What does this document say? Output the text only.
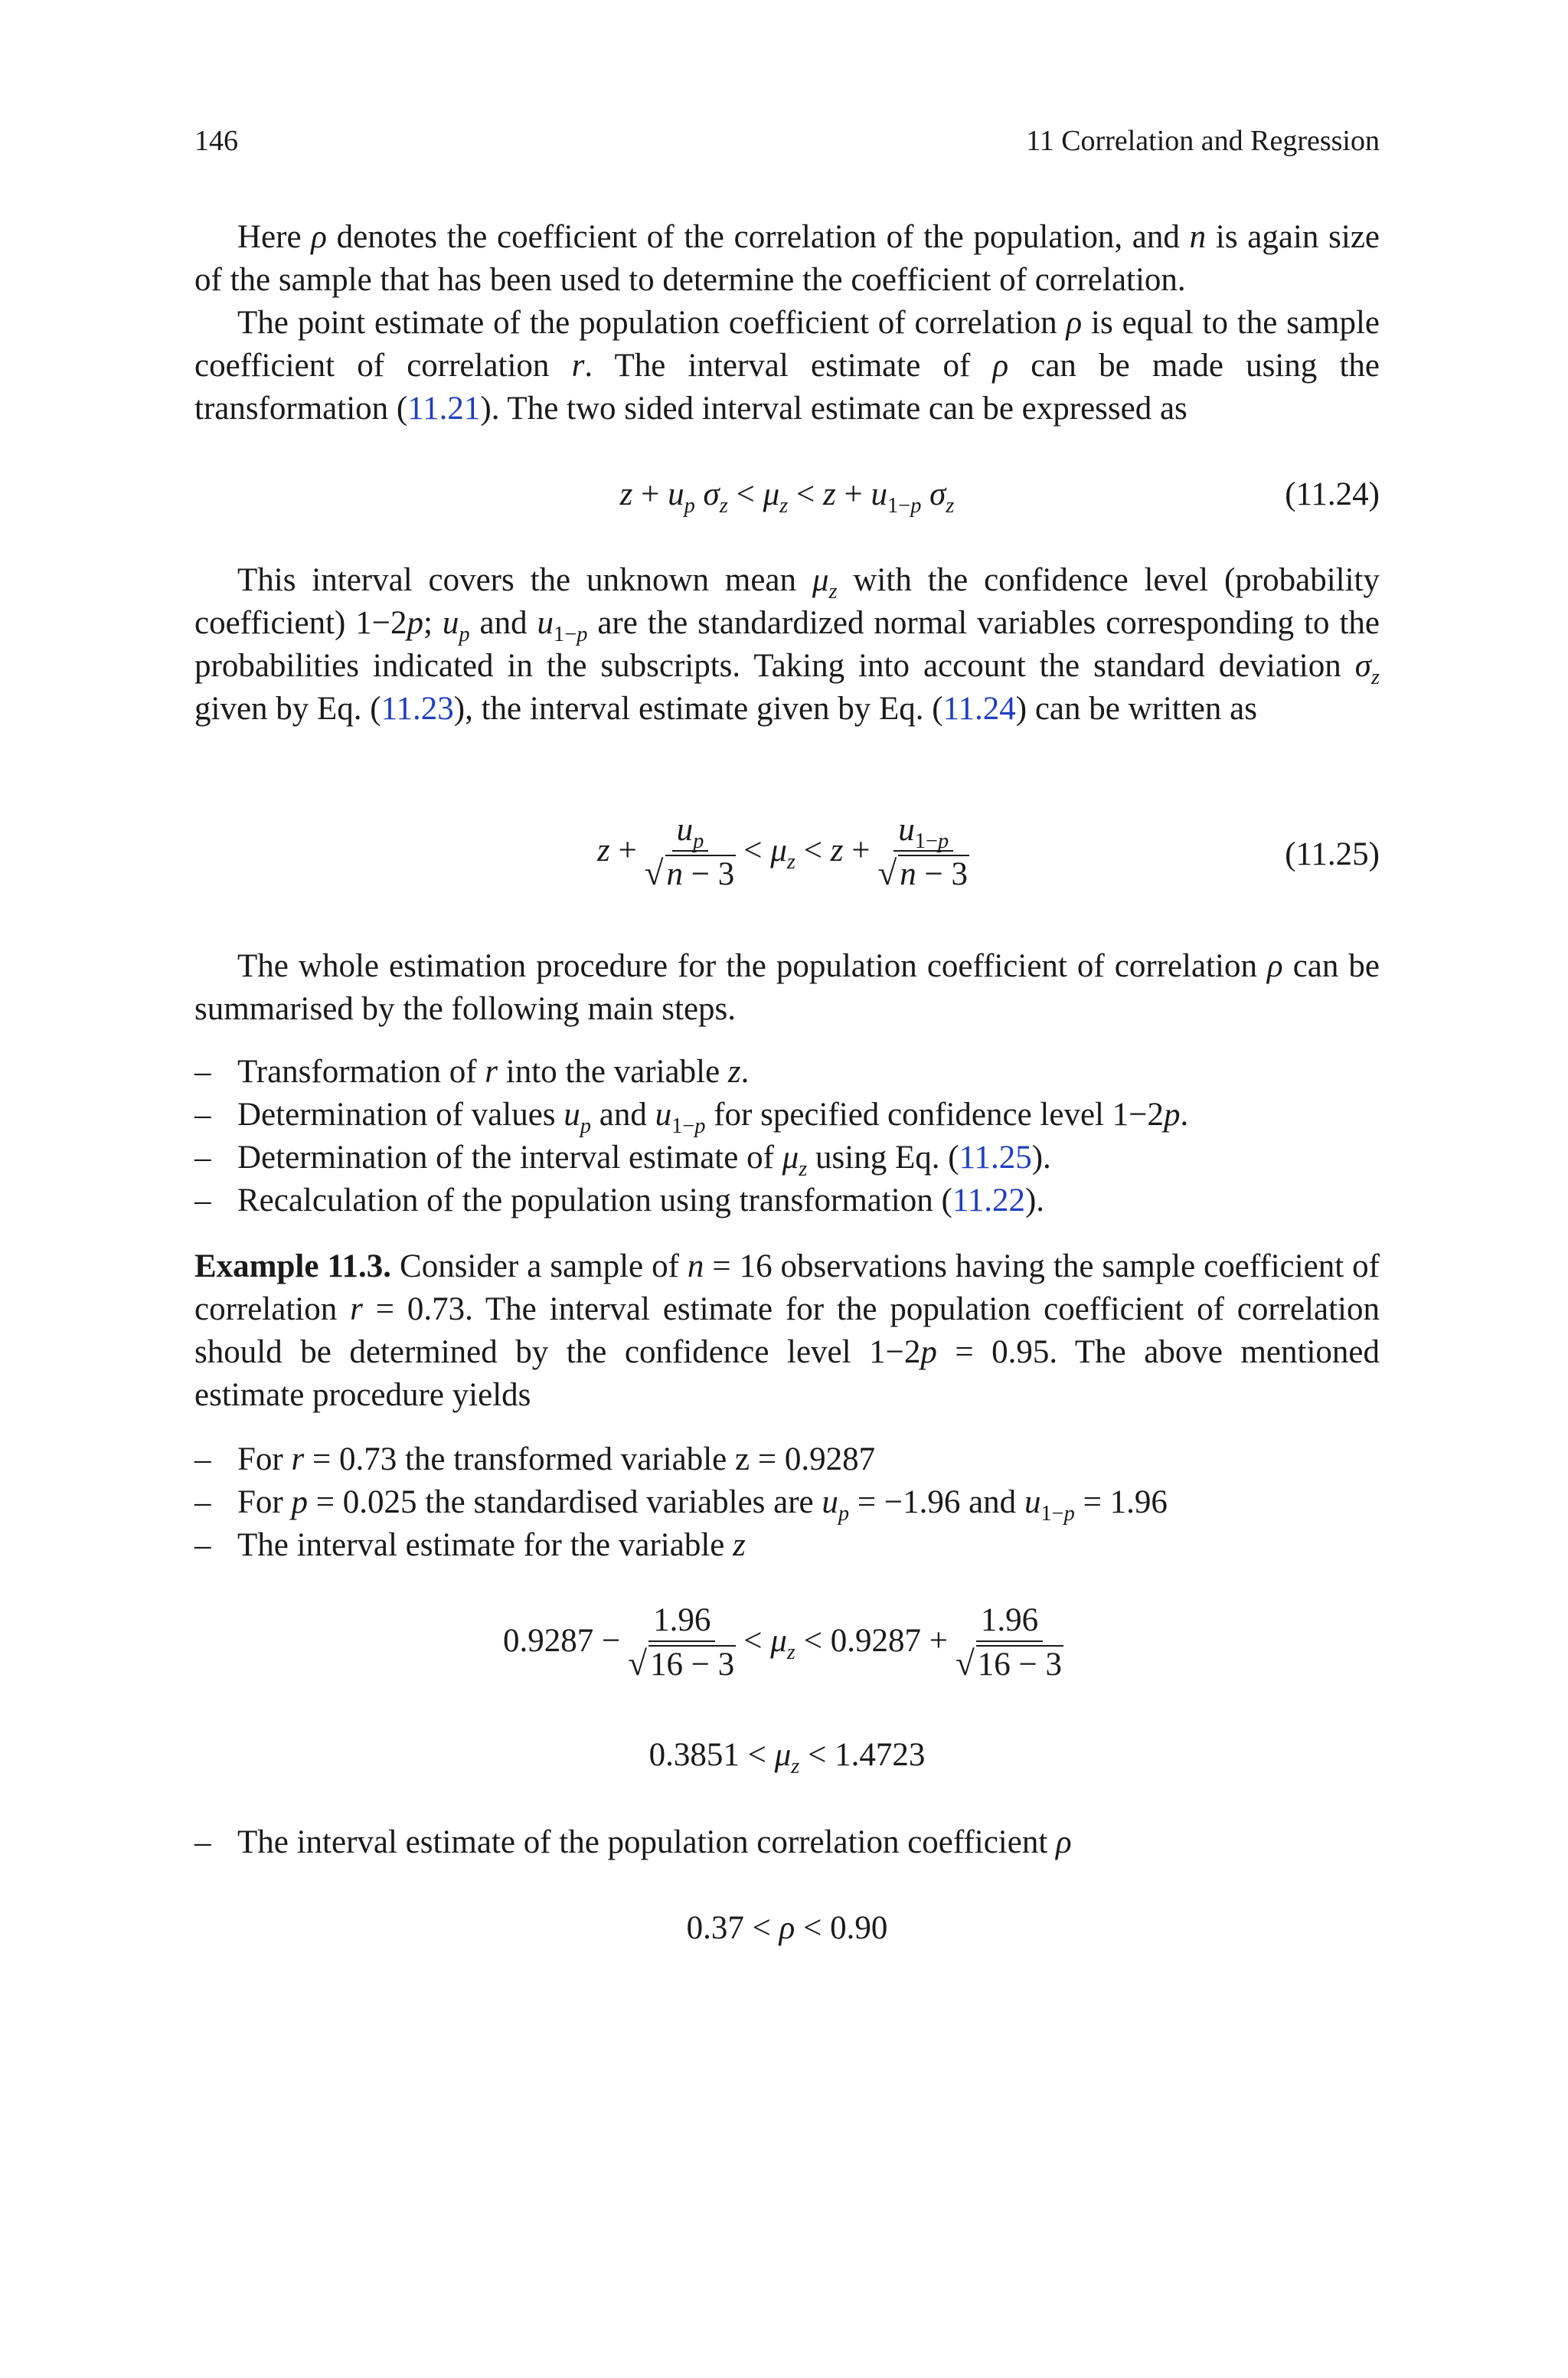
146	11 Correlation and Regression
Here ρ denotes the coefficient of the correlation of the population, and n is again size of the sample that has been used to determine the coefficient of correlation.
The point estimate of the population coefficient of correlation ρ is equal to the sample coefficient of correlation r. The interval estimate of ρ can be made using the transformation (11.21). The two sided interval estimate can be expressed as
$z + u_p$ $\sigma_z < \mu_z < z + u_{1-p}$ $\sigma_z$	(11.24)
This interval covers the unknown mean $\mu_z$ with the confidence level (probability coefficient) 1−2p; $u_p$ and $u_{1-p}$ are the standardized normal variables corresponding to the probabilities indicated in the subscripts. Taking into account the standard deviation $\sigma_z$ given by Eq. (11.23), the interval estimate given by Eq. (11.24) can be written as
$z + \frac{u_p}{√n - 3} < \mu_z < z + \frac{u_{1-p}}{√n - 3}$	(11.25)
The whole estimation procedure for the population coefficient of correlation ρ can be summarised by the following main steps.
– Transformation of r into the variable z.
– Determination of values $u_p$ and $u_{1-p}$ for specified confidence level 1−2p.
– Determination of the interval estimate of $\mu_z$ using Eq. (11.25).
– Recalculation of the population using transformation (11.22).
Example 11.3. Consider a sample of n = 16 observations having the sample coefficient of correlation r = 0.73. The interval estimate for the population coefficient of correlation should be determined by the confidence level 1−2p = 0.95. The above mentioned estimate procedure yields
– For r = 0.73 the transformed variable z = 0.9287
– For p = 0.025 the standardised variables are $u_p = -1.96$ and $u_{1-p} = 1.96$
– The interval estimate for the variable z
$0.9287 - \frac{1.96}{√16 - 3} < \mu_z < 0.9287 + \frac{1.96}{√16 - 3}$
$0.3851 < \mu_z < 1.4723$
– The interval estimate of the population correlation coefficient ρ
0.37 < ρ < 0.90
